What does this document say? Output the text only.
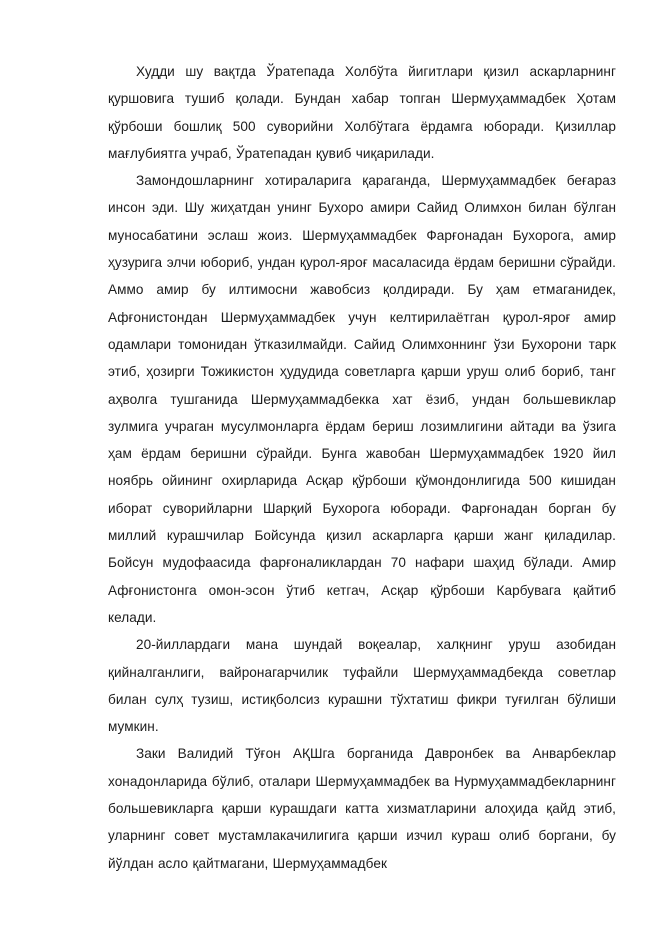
Худди шу вақтда Ўратепада Холбўта йигитлари қизил аскарларнинг қуршовига тушиб қолади. Бундан хабар топган Шермуҳаммадбек Ҳотам қўрбоши бошлиқ 500 суворийни Холбўтага ёрдамга юборади. Қизиллар мағлубиятга учраб, Ўратепадан қувиб чиқарилади.

Замондошларнинг хотираларига қараганда, Шермуҳаммадбек беғараз инсон эди. Шу жиҳатдан унинг Бухоро амири Сайид Олимхон билан бўлган муносабатини эслаш жоиз. Шермуҳаммадбек Фарғонадан Бухорога, амир ҳузурига элчи юбориб, ундан қурол-яроғ масаласида ёрдам беришни сўрайди. Аммо амир бу илтимосни жавобсиз қолдиради. Бу ҳам етмаганидек, Афғонистондан Шермуҳаммадбек учун келтирилаётган қурол-яроғ амир одамлари томонидан ўтказилмайди. Сайид Олимхоннинг ўзи Бухорони тарк этиб, ҳозирги Тожикистон ҳудудида советларга қарши уруш олиб бориб, танг аҳволга тушганида Шермуҳаммадбекка хат ёзиб, ундан большевиклар зулмига учраган мусулмонларга ёрдам бериш лозимлигини айтади ва ўзига ҳам ёрдам беришни сўрайди. Бунга жавобан Шермуҳаммадбек 1920 йил ноябрь ойининг охирларида Асқар қўрбоши қўмондонлигида 500 кишидан иборат суворийларни Шарқий Бухорога юборади. Фарғонадан борган бу миллий курашчилар Бойсунда қизил аскарларга қарши жанг қиладилар. Бойсун мудофаасида фарғоналиклардан 70 нафари шаҳид бўлади. Амир Афғонистонга омон-эсон ўтиб кетгач, Асқар қўрбоши Карбувага қайтиб келади.

20-йиллардаги мана шундай воқеалар, халқнинг уруш азобидан қийналганлиги, вайронагарчилик туфайли Шермуҳаммадбекда советлар билан сулҳ тузиш, истиқболсиз курашни тўхтатиш фикри туғилган бўлиши мумкин.

Заки Валидий Тўғон АҚШга борганида Давронбек ва Анварбеклар хонадонларида бўлиб, оталари Шермуҳаммадбек ва Нурмуҳаммадбекларнинг большевикларга қарши курашдаги катта хизматларини алоҳида қайд этиб, уларнинг совет мустамлакачилигига қарши изчил кураш олиб боргани, бу йўлдан асло қайтмагани, Шермуҳаммадбек
